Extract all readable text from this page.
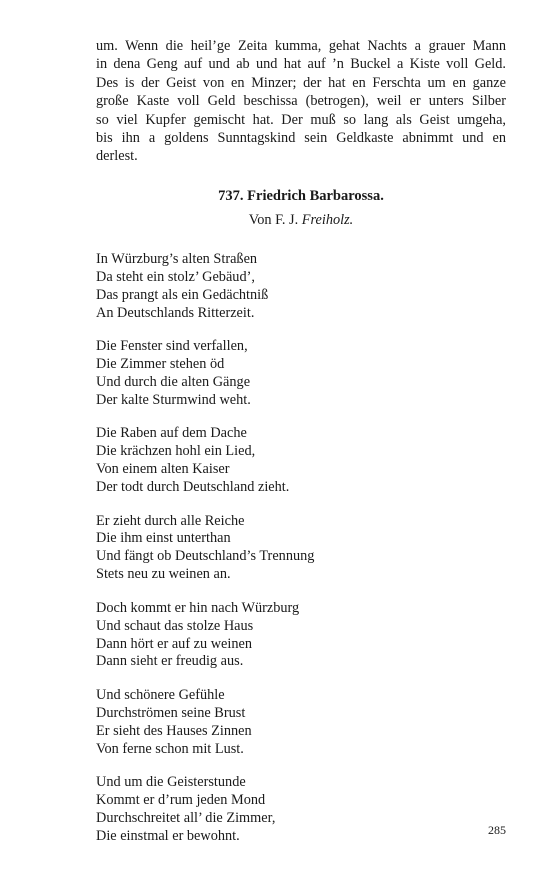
um. Wenn die heil’ge Zeita kumma, gehat Nachts a grauer Mann
in dena Geng auf und ab und hat auf ’n Buckel a Kiste voll Geld.
Des is der Geist von en Minzer; der hat en Ferschta um en ganze
große Kaste voll Geld beschissa (betrogen), weil er unters Silber
so viel Kupfer gemischt hat. Der muß so lang als Geist umgeha,
bis ihn a goldens Sunntagskind sein Geldkaste abnimmt und en
derlest.

737. Friedrich Barbarossa.
Von F. J. Freiholz.
In Würzburg’s alten Straßen
Da steht ein stolz’ Gebäud’,
Das prangt als ein Gedächtniß
An Deutschlands Ritterzeit.
Die Fenster sind verfallen,
Die Zimmer stehen öd
Und durch die alten Gänge
Der kalte Sturmwind weht.
Die Raben auf dem Dache
Die krächzen hohl ein Lied,
Von einem alten Kaiser
Der todt durch Deutschland zieht.
Er zieht durch alle Reiche
Die ihm einst unterthan
Und fängt ob Deutschland’s Trennung
Stets neu zu weinen an.
Doch kommt er hin nach Würzburg
Und schaut das stolze Haus
Dann hört er auf zu weinen
Dann sieht er freudig aus.
Und schönere Gefühle
Durchströmen seine Brust
Er sieht des Hauses Zinnen
Von ferne schon mit Lust.
Und um die Geisterstunde
Kommt er d’rum jeden Mond
Durchschreitet all’ die Zimmer,
Die einstmal er bewohnt.	285
